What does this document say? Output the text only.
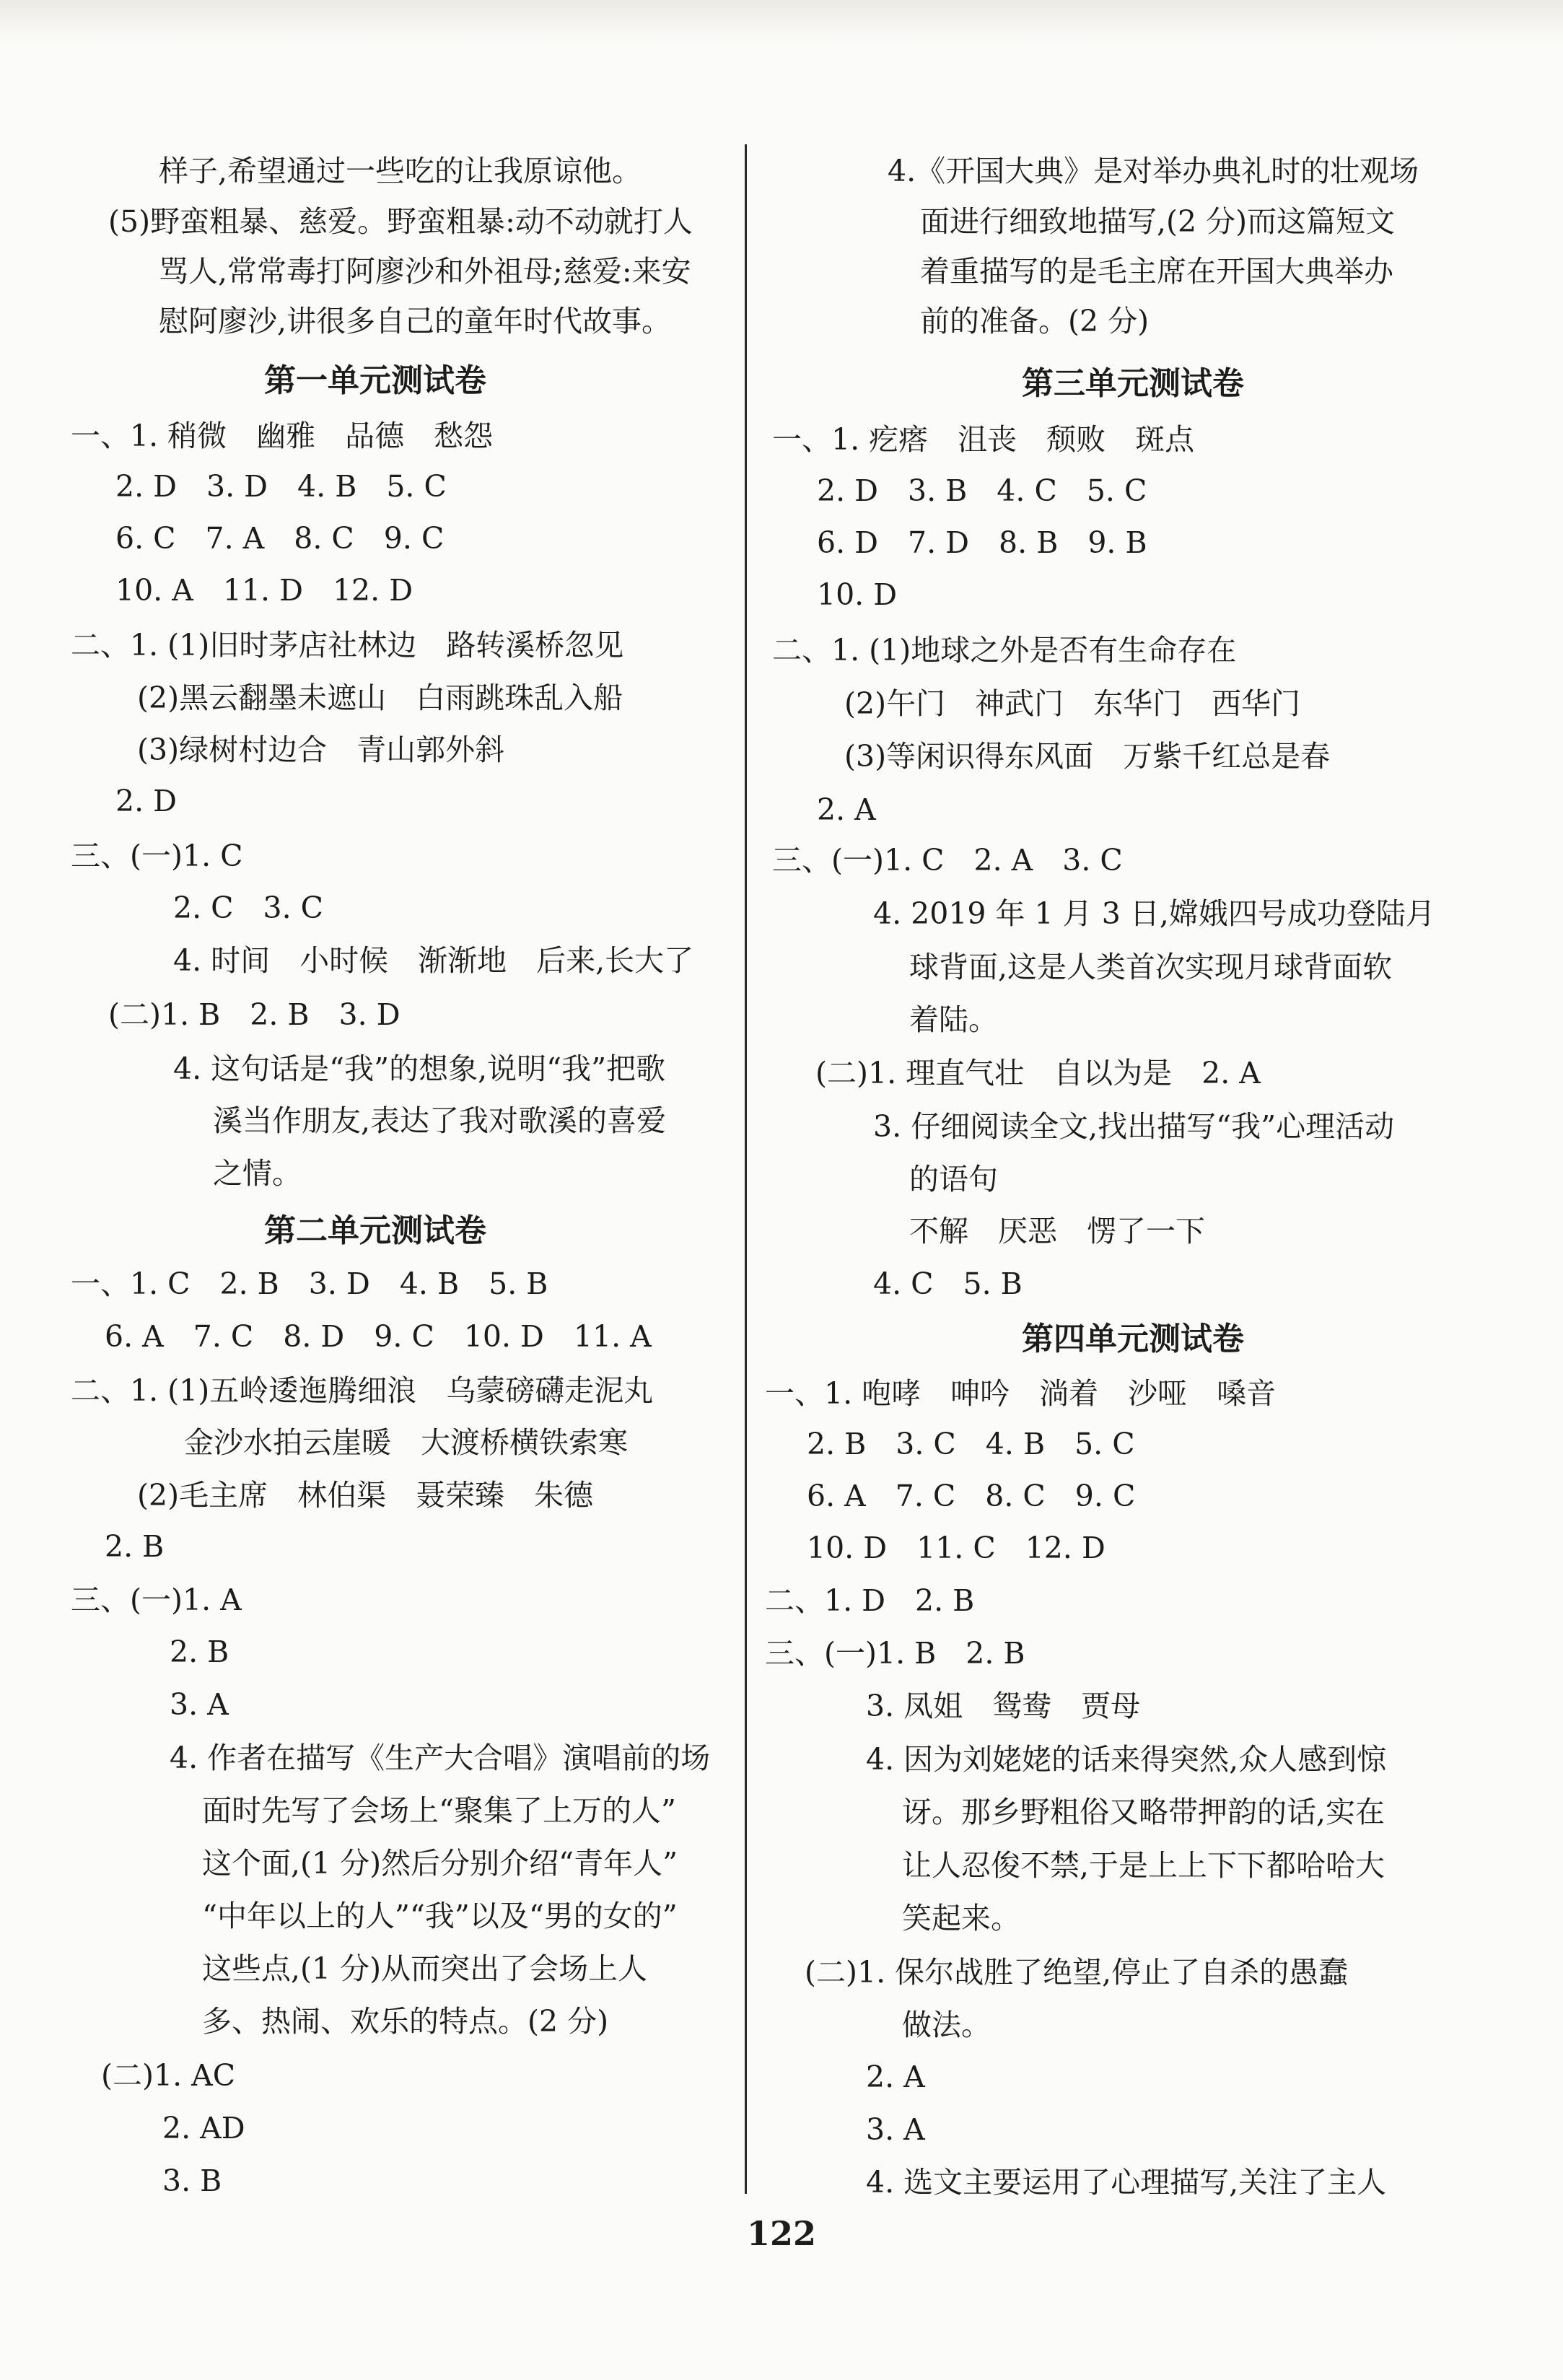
样子,希望通过一些吃的让我原谅他。
(5)野蛮粗暴、慈爱。野蛮粗暴:动不动就打人
骂人,常常毒打阿廖沙和外祖母;慈爱:来安
慰阿廖沙,讲很多自己的童年时代故事。
第一单元测试卷
一、1. 稍微　幽雅　品德　愁怨
2. D　3. D　4. B　5. C
6. C　7. A　8. C　9. C
10. A　11. D　12. D
二、1. (1)旧时茅店社林边　路转溪桥忽见
(2)黑云翻墨未遮山　白雨跳珠乱入船
(3)绿树村边合　青山郭外斜
2. D
三、(一)1. C
2. C　3. C
4. 时间　小时候　渐渐地　后来,长大了
(二)1. B　2. B　3. D
4. 这句话是“我”的想象,说明“我”把歌
溪当作朋友,表达了我对歌溪的喜爱
之情。
第二单元测试卷
一、1. C　2. B　3. D　4. B　5. B
6. A　7. C　8. D　9. C　10. D　11. A
二、1. (1)五岭逶迤腾细浪　乌蒙磅礴走泥丸
金沙水拍云崖暖　大渡桥横铁索寒
(2)毛主席　林伯渠　聂荣臻　朱德
2. B
三、(一)1. A
2. B
3. A
4. 作者在描写《生产大合唱》演唱前的场
面时先写了会场上“聚集了上万的人”
这个面,(1 分)然后分别介绍“青年人”
“中年以上的人”“我”以及“男的女的”
这些点,(1 分)从而突出了会场上人
多、热闹、欢乐的特点。(2 分)
(二)1. AC
2. AD
3. B
4.《开国大典》是对举办典礼时的壮观场
面进行细致地描写,(2 分)而这篇短文
着重描写的是毛主席在开国大典举办
前的准备。(2 分)
第三单元测试卷
一、1. 疙瘩　沮丧　颓败　斑点
2. D　3. B　4. C　5. C
6. D　7. D　8. B　9. B
10. D
二、1. (1)地球之外是否有生命存在
(2)午门　神武门　东华门　西华门
(3)等闲识得东风面　万紫千红总是春
2. A
三、(一)1. C　2. A　3. C
4. 2019 年 1 月 3 日,嫦娥四号成功登陆月
球背面,这是人类首次实现月球背面软
着陆。
(二)1. 理直气壮　自以为是　2. A
3. 仔细阅读全文,找出描写“我”心理活动
的语句
不解　厌恶　愣了一下
4. C　5. B
第四单元测试卷
一、1. 咆哮　呻吟　淌着　沙哑　嗓音
2. B　3. C　4. B　5. C
6. A　7. C　8. C　9. C
10. D　11. C　12. D
二、1. D　2. B
三、(一)1. B　2. B
3. 凤姐　鸳鸯　贾母
4. 因为刘姥姥的话来得突然,众人感到惊
讶。那乡野粗俗又略带押韵的话,实在
让人忍俊不禁,于是上上下下都哈哈大
笑起来。
(二)1. 保尔战胜了绝望,停止了自杀的愚蠢
做法。
2. A
3. A
4. 选文主要运用了心理描写,关注了主人
122
